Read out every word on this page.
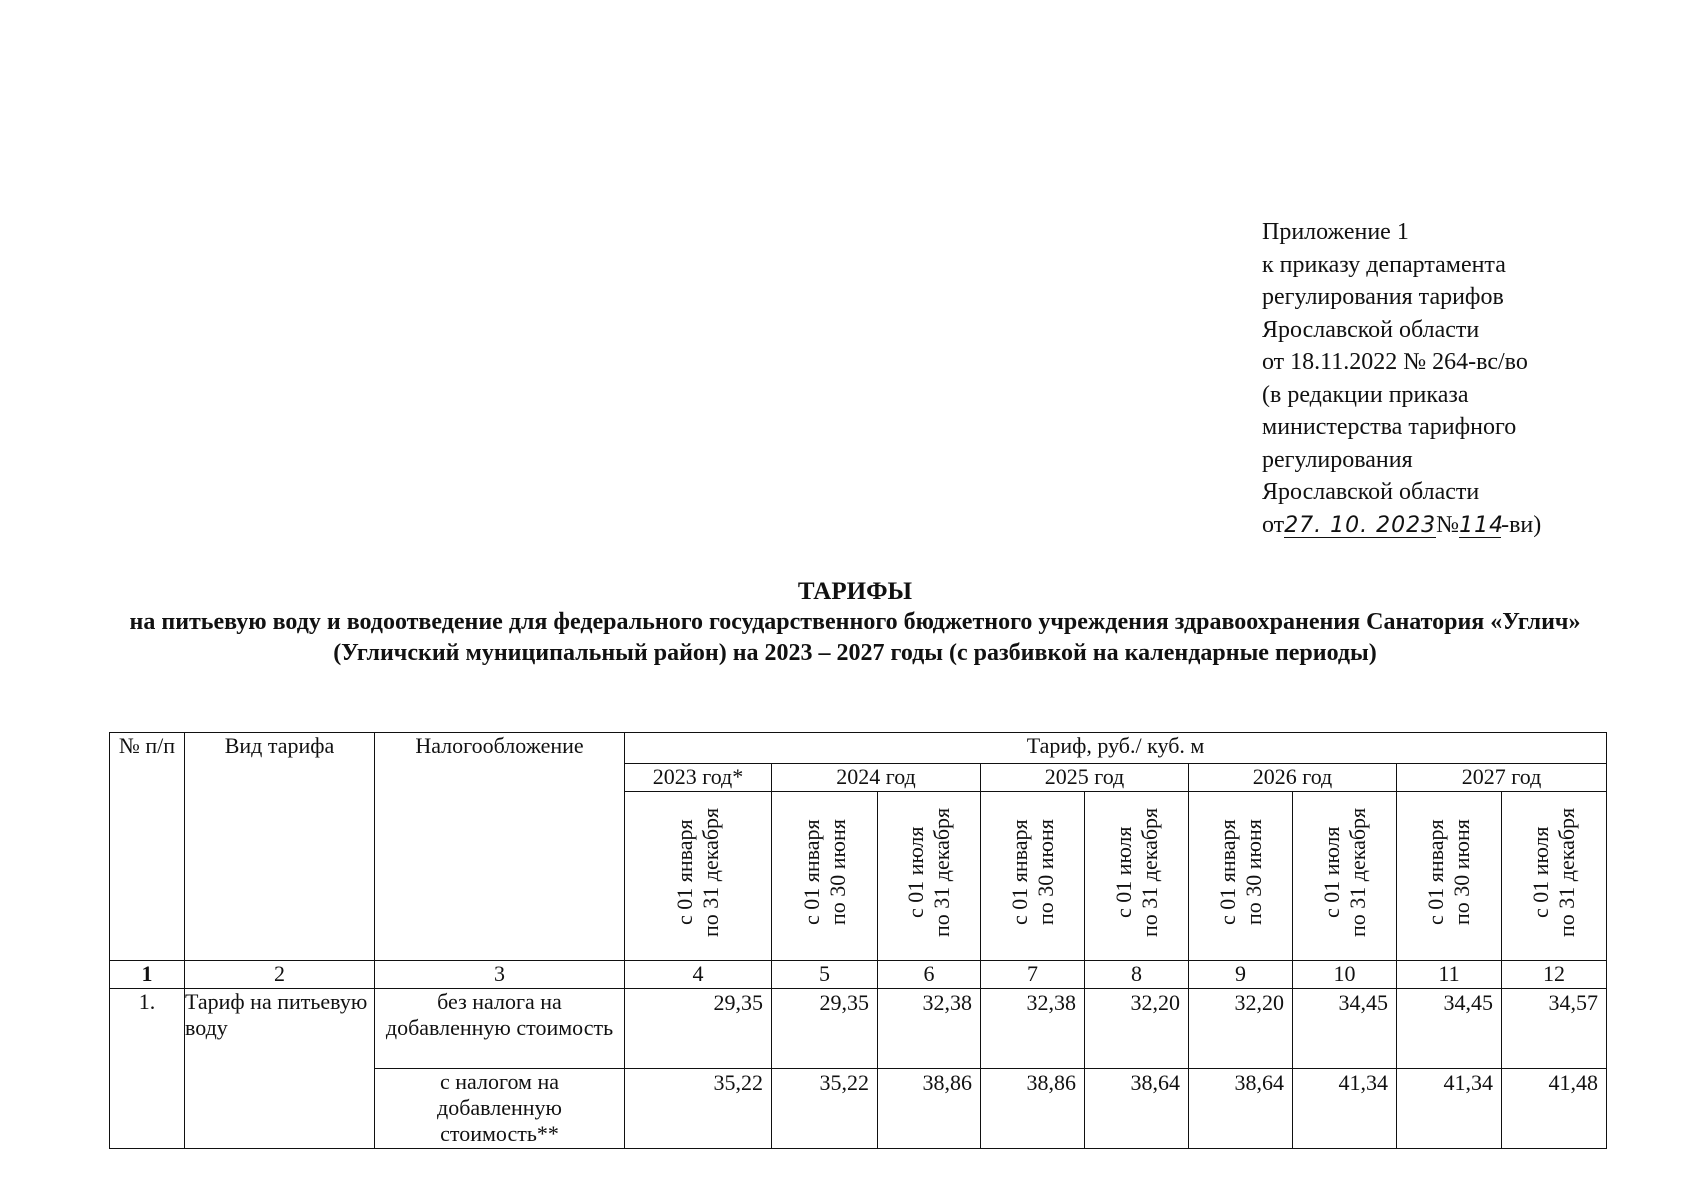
Приложение 1
к приказу департамента
регулирования тарифов
Ярославской области
от 18.11.2022 № 264-вс/во
(в редакции приказа
министерства тарифного
регулирования
Ярославской области
от27. 10. 2023№114-ви)
ТАРИФЫ
на питьевую воду и водоотведение для федерального государственного бюджетного учреждения здравоохранения Санатория «Углич» (Угличский муниципальный район) на 2023 – 2027 годы (с разбивкой на календарные периоды)
№ п/п	Вид тарифа	Налогообложение	Тариф, руб./ куб. м								
			2023 год*	2024 год		2025 год		2026 год		2027 год	

			с 01 января
по 31 декабря	с 01 января
по 30 июня	с 01 июля
по 31 декабря	с 01 января
по 30 июня	с 01 июля
по 31 декабря	с 01 января
по 30 июня	с 01 июля
по 31 декабря	с 01 января
по 30 июня	с 01 июля
по 31 декабря

1	2	3	4	5	6	7	8	9	10	11	12
1.	Тариф на питьевую воду	без налога на добавленную стоимость	29,35	29,35	32,38	32,38	32,20	32,20	34,45	34,45	34,57
		с налогом на добавленную стоимость**	35,22	35,22	38,86	38,86	38,64	38,64	41,34	41,34	41,48
